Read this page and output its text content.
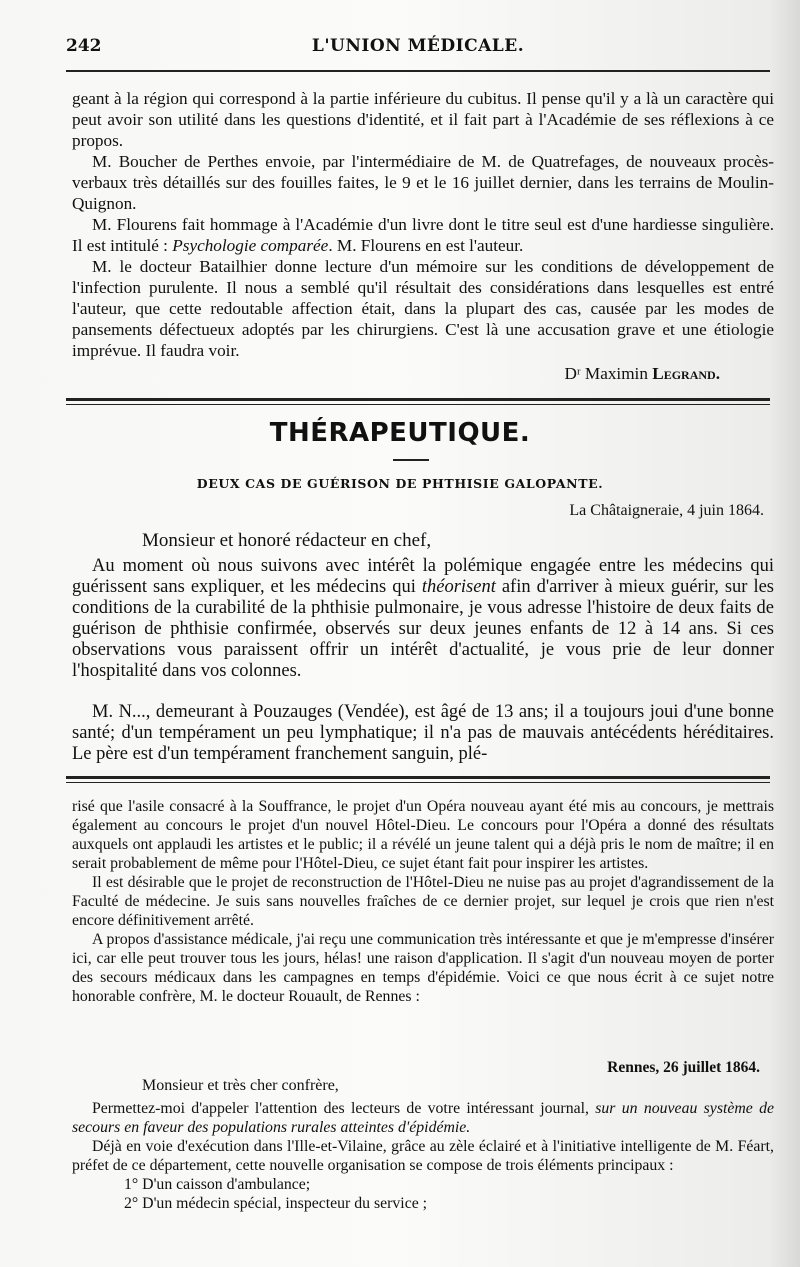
242	L'UNION MÉDICALE.

geant à la région qui correspond à la partie inférieure du cubitus. Il pense qu'il y a là un caractère qui peut avoir son utilité dans les questions d'identité, et il fait part à l'Académie de ses réflexions à ce propos.

M. Boucher de Perthes envoie, par l'intermédiaire de M. de Quatrefages, de nouveaux procès-verbaux très détaillés sur des fouilles faites, le 9 et le 16 juillet dernier, dans les terrains de Moulin-Quignon.

M. Flourens fait hommage à l'Académie d'un livre dont le titre seul est d'une hardiesse singulière. Il est intitulé : Psychologie comparée. M. Flourens en est l'auteur.

M. le docteur Batailhier donne lecture d'un mémoire sur les conditions de développement de l'infection purulente. Il nous a semblé qu'il résultait des considérations dans lesquelles est entré l'auteur, que cette redoutable affection était, dans la plupart des cas, causée par les modes de pansements défectueux adoptés par les chirurgiens. C'est là une accusation grave et une étiologie imprévue. Il faudra voir.

Dʳ Maximin Legrand.
THÉRAPEUTIQUE.
DEUX CAS DE GUÉRISON DE PHTHISIE GALOPANTE.
La Châtaigneraie, 4 juin 1864.
Monsieur et honoré rédacteur en chef,

Au moment où nous suivons avec intérêt la polémique engagée entre les médecins qui guérissent sans expliquer, et les médecins qui théorisent afin d'arriver à mieux guérir, sur les conditions de la curabilité de la phthisie pulmonaire, je vous adresse l'histoire de deux faits de guérison de phthisie confirmée, observés sur deux jeunes enfants de 12 à 14 ans. Si ces observations vous paraissent offrir un intérêt d'actualité, je vous prie de leur donner l'hospitalité dans vos colonnes.

M. N..., demeurant à Pouzauges (Vendée), est âgé de 13 ans; il a toujours joui d'une bonne santé; d'un tempérament un peu lymphatique; il n'a pas de mauvais antécédents héréditaires. Le père est d'un tempérament franchement sanguin, plé-

risé que l'asile consacré à la Souffrance, le projet d'un Opéra nouveau ayant été mis au concours, je mettrais également au concours le projet d'un nouvel Hôtel-Dieu. Le concours pour l'Opéra a donné des résultats auxquels ont applaudi les artistes et le public; il a révélé un jeune talent qui a déjà pris le nom de maître; il en serait probablement de même pour l'Hôtel-Dieu, ce sujet étant fait pour inspirer les artistes.

Il est désirable que le projet de reconstruction de l'Hôtel-Dieu ne nuise pas au projet d'agrandissement de la Faculté de médecine. Je suis sans nouvelles fraîches de ce dernier projet, sur lequel je crois que rien n'est encore définitivement arrêté.

A propos d'assistance médicale, j'ai reçu une communication très intéressante et que je m'empresse d'insérer ici, car elle peut trouver tous les jours, hélas! une raison d'application. Il s'agit d'un nouveau moyen de porter des secours médicaux dans les campagnes en temps d'épidémie. Voici ce que nous écrit à ce sujet notre honorable confrère, M. le docteur Rouault, de Rennes :

Rennes, 26 juillet 1864.
Monsieur et très cher confrère,

Permettez-moi d'appeler l'attention des lecteurs de votre intéressant journal, sur un nouveau système de secours en faveur des populations rurales atteintes d'épidémie.

Déjà en voie d'exécution dans l'Ille-et-Vilaine, grâce au zèle éclairé et à l'initiative intelligente de M. Féart, préfet de ce département, cette nouvelle organisation se compose de trois éléments principaux :

1° D'un caisson d'ambulance;

2° D'un médecin spécial, inspecteur du service ;
